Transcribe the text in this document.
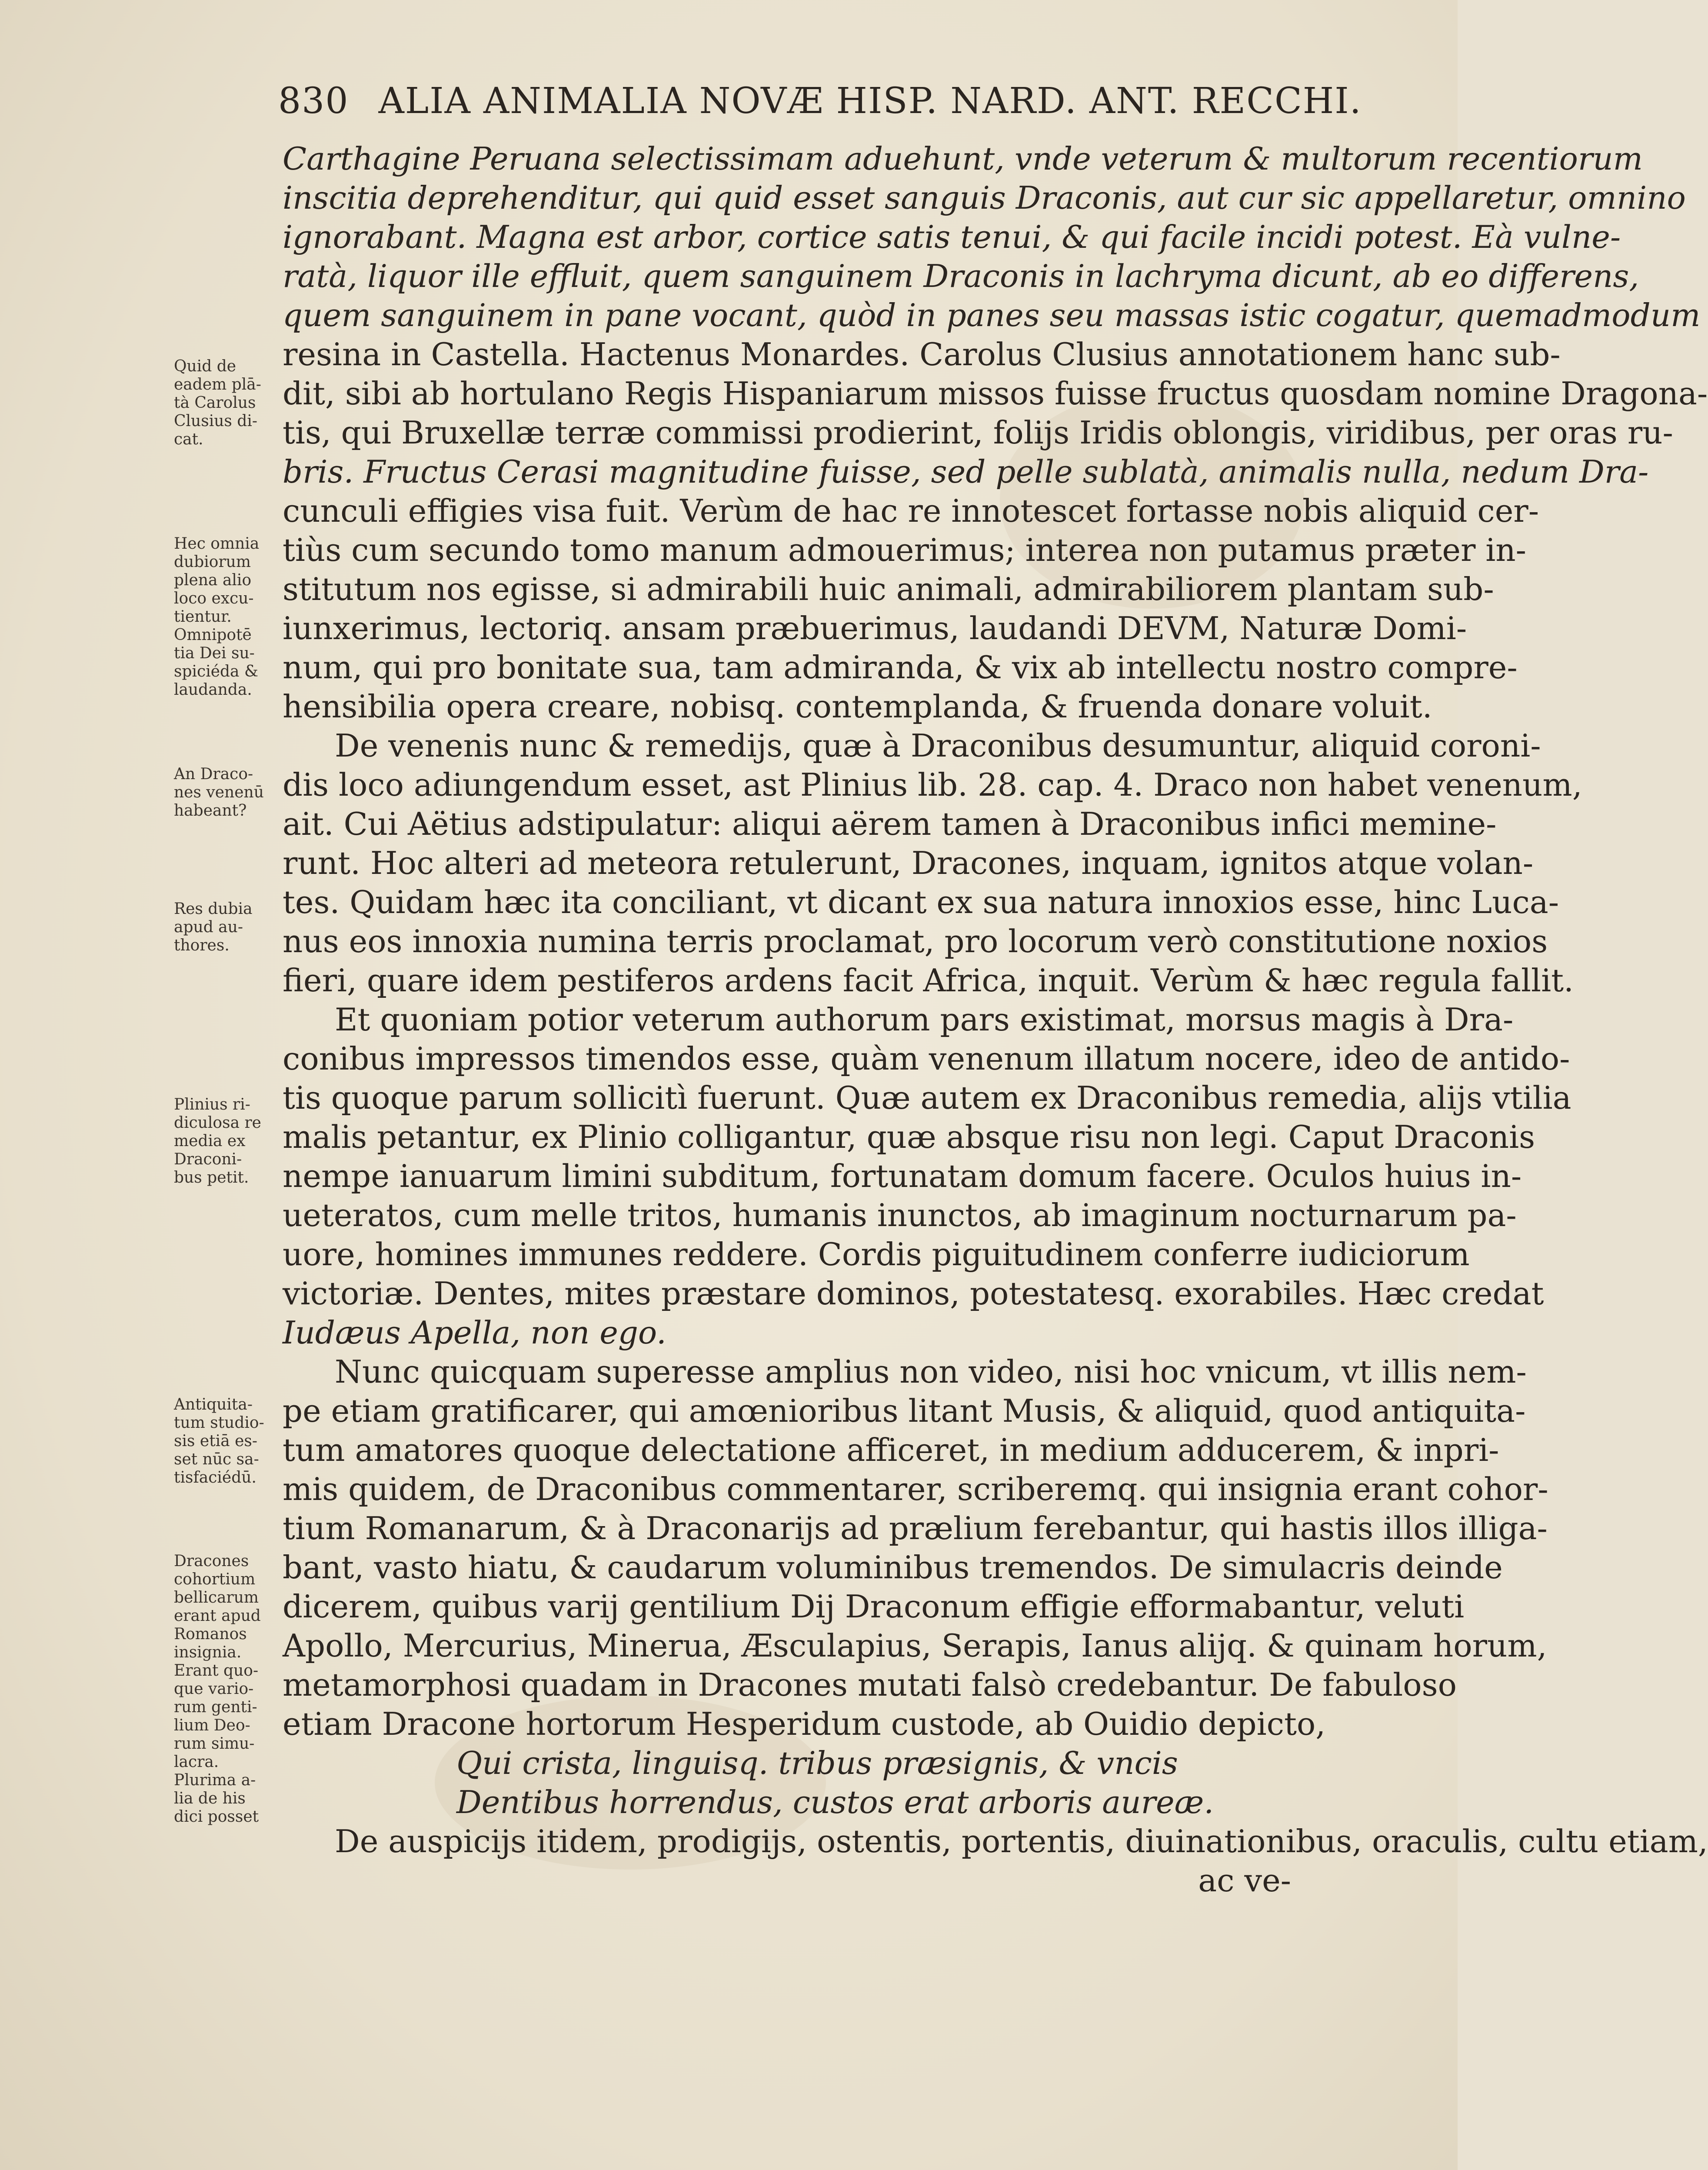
830 ALIA ANIMALIA NOVÆ HISP. NARD. ANT. RECCHI.
Carthagine Peruana selectissimam aduehunt, vnde veterum & multorum recentiorum
inscitia deprehenditur, qui quid esset sanguis Draconis, aut cur sic appellaretur, omnino
ignorabant. Magna est arbor, cortice satis tenui, & qui facile incidi potest. Eà vulne-
ratà, liquor ille effluit, quem sanguinem Draconis in lachryma dicunt, ab eo differens,
quem sanguinem in pane vocant, quòd in panes seu massas istic cogatur, quemadmodum
resina in Castella. Hactenus Monardes. Carolus Clusius annotationem hanc sub-
dit, sibi ab hortulano Regis Hispaniarum missos fuisse fructus quosdam nomine Dragona-
tis, qui Bruxellæ terræ commissi prodierint, folijs Iridis oblongis, viridibus, per oras ru-
bris. Fructus Cerasi magnitudine fuisse, sed pelle sublatà, animalis nulla, nedum Dra-
cunculi effigies visa fuit. Verùm de hac re innotescet fortasse nobis aliquid cer-
tiùs cum secundo tomo manum admouerimus; interea non putamus præter in-
stitutum nos egisse, si admirabili huic animali, admirabiliorem plantam sub-
iunxerimus, lectoriq. ansam præbuerimus, laudandi DEVM, Naturæ Domi-
num, qui pro bonitate sua, tam admiranda, & vix ab intellectu nostro compre-
hensibilia opera creare, nobisq. contemplanda, & fruenda donare voluit.
De venenis nunc & remedijs, quæ à Draconibus desumuntur, aliquid coroni-
dis loco adiungendum esset, ast Plinius lib. 28. cap. 4. Draco non habet venenum,
ait. Cui Aëtius adstipulatur: aliqui aërem tamen à Draconibus infici memine-
runt. Hoc alteri ad meteora retulerunt, Dracones, inquam, ignitos atque volan-
tes. Quidam hæc ita conciliant, vt dicant ex sua natura innoxios esse, hinc Luca-
nus eos innoxia numina terris proclamat, pro locorum verò constitutione noxios
fieri, quare idem pestiferos ardens facit Africa, inquit. Verùm & hæc regula fallit.
Et quoniam potior veterum authorum pars existimat, morsus magis à Dra-
conibus impressos timendos esse, quàm venenum illatum nocere, ideo de antido-
tis quoque parum sollicitì fuerunt. Quæ autem ex Draconibus remedia, alijs vtilia
malis petantur, ex Plinio colligantur, quæ absque risu non legi. Caput Draconis
nempe ianuarum limini subditum, fortunatam domum facere. Oculos huius in-
ueteratos, cum melle tritos, humanis inunctos, ab imaginum nocturnarum pa-
uore, homines immunes reddere. Cordis piguitudinem conferre iudiciorum
victoriæ. Dentes, mites præstare dominos, potestatesq. exorabiles. Hæc credat
Iudæus Apella, non ego.
Nunc quicquam superesse amplius non video, nisi hoc vnicum, vt illis nem-
pe etiam gratificarer, qui amœnioribus litant Musis, & aliquid, quod antiquita-
tum amatores quoque delectatione afficeret, in medium adducerem, & inpri-
mis quidem, de Draconibus commentarer, scriberemq. qui insignia erant cohor-
tium Romanarum, & à Draconarijs ad prælium ferebantur, qui hastis illos illiga-
bant, vasto hiatu, & caudarum voluminibus tremendos. De simulacris deinde
dicerem, quibus varij gentilium Dij Draconum effigie efformabantur, veluti
Apollo, Mercurius, Minerua, Æsculapius, Serapis, Ianus alijq. & quinam horum,
metamorphosi quadam in Dracones mutati falsò credebantur. De fabuloso
etiam Dracone hortorum Hesperidum custode, ab Ouidio depicto,
Qui crista, linguisq. tribus præsignis, & vncis
Dentibus horrendus, custos erat arboris aureæ.
De auspicijs itidem, prodigijs, ostentis, portentis, diuinationibus, oraculis, cultu etiam,
ac ve-
Quid de
eadem plā-
tà Carolus
Clusius di-
cat.
Hec omnia
dubiorum
plena alio
loco excu-
tientur.
Omnipotē
tia Dei su-
spiciéda &
laudanda.
An Draco-
nes venenū
habeant?
Res dubia
apud au-
thores.
Plinius ri-
diculosa re
media ex
Draconi-
bus petit.
Antiquita-
tum studio-
sis etiā es-
set nūc sa-
tisfaciédū.
Dracones
cohortium
bellicarum
erant apud
Romanos
insignia.
Erant quo-
que vario-
rum genti-
lium Deo-
rum simu-
lacra.
Plurima a-
lia de his
dici posset
